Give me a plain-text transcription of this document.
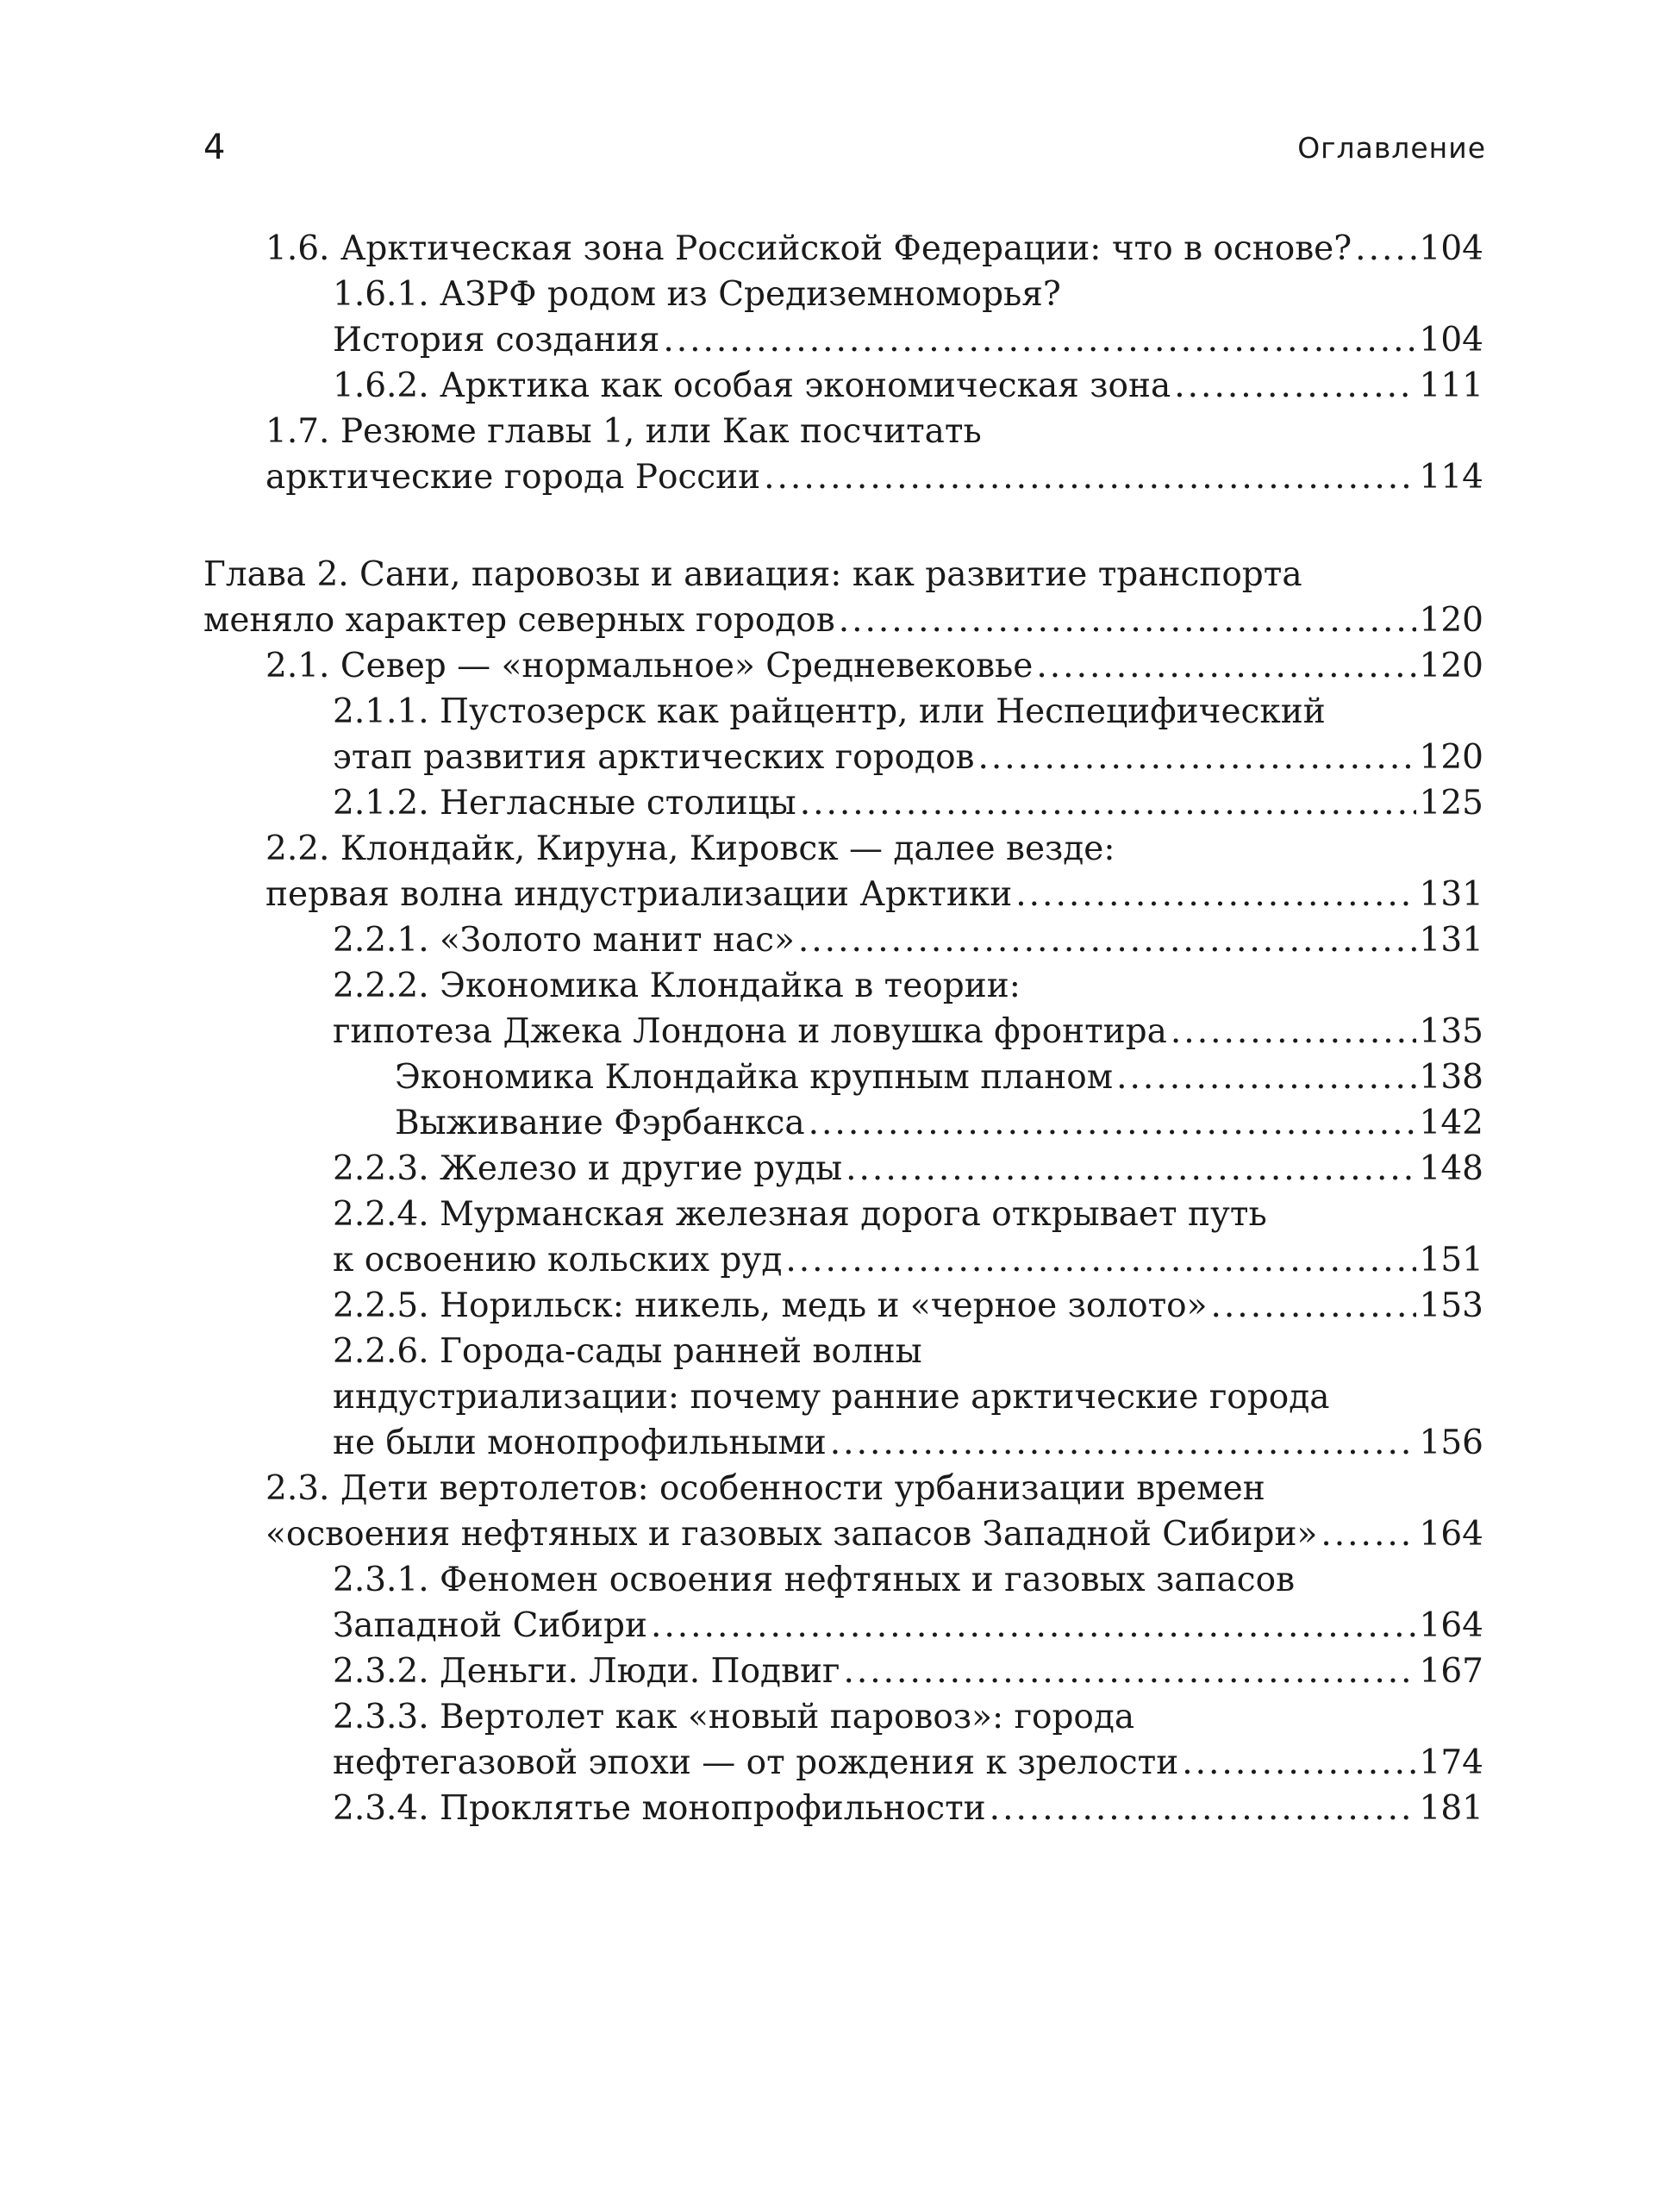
4	Оглавление
1.6. Арктическая зона Российской Федерации: что в основе? ..... 104
1.6.1. АЗРФ родом из Средиземноморья?
История создания .....	104
1.6.2. Арктика как особая экономическая зона .....	111
1.7. Резюме главы 1, или Как посчитать
арктические города России .....	114
Глава 2. Сани, паровозы и авиация: как развитие транспорта
меняло характер северных городов .....	120
2.1. Север — «нормальное» Средневековье .....	120
2.1.1. Пустозерск как райцентр, или Неспецифический
этап развития арктических городов .....	120
2.1.2. Негласные столицы .....	125
2.2. Клондайк, Кируна, Кировск — далее везде:
первая волна индустриализации Арктики .....	131
2.2.1. «Золото манит нас» .....	131
2.2.2. Экономика Клондайка в теории:
гипотеза Джека Лондона и ловушка фронтира .....	135
Экономика Клондайка крупным планом .....	138
Выживание Фэрбанкса .....	142
2.2.3. Железо и другие руды .....	148
2.2.4. Мурманская железная дорога открывает путь
к освоению кольских руд .....	151
2.2.5. Норильск: никель, медь и «черное золото» .....	153
2.2.6. Города-сады ранней волны
индустриализации: почему ранние арктические города
не были монопрофильными .....	156
2.3. Дети вертолетов: особенности урбанизации времен
«освоения нефтяных и газовых запасов Западной Сибири» .....	164
2.3.1. Феномен освоения нефтяных и газовых запасов
Западной Сибири .....	164
2.3.2. Деньги. Люди. Подвиг .....	167
2.3.3. Вертолет как «новый паровоз»: города
нефтегазовой эпохи — от рождения к зрелости .....	174
2.3.4. Проклятье монопрофильности .....	181
